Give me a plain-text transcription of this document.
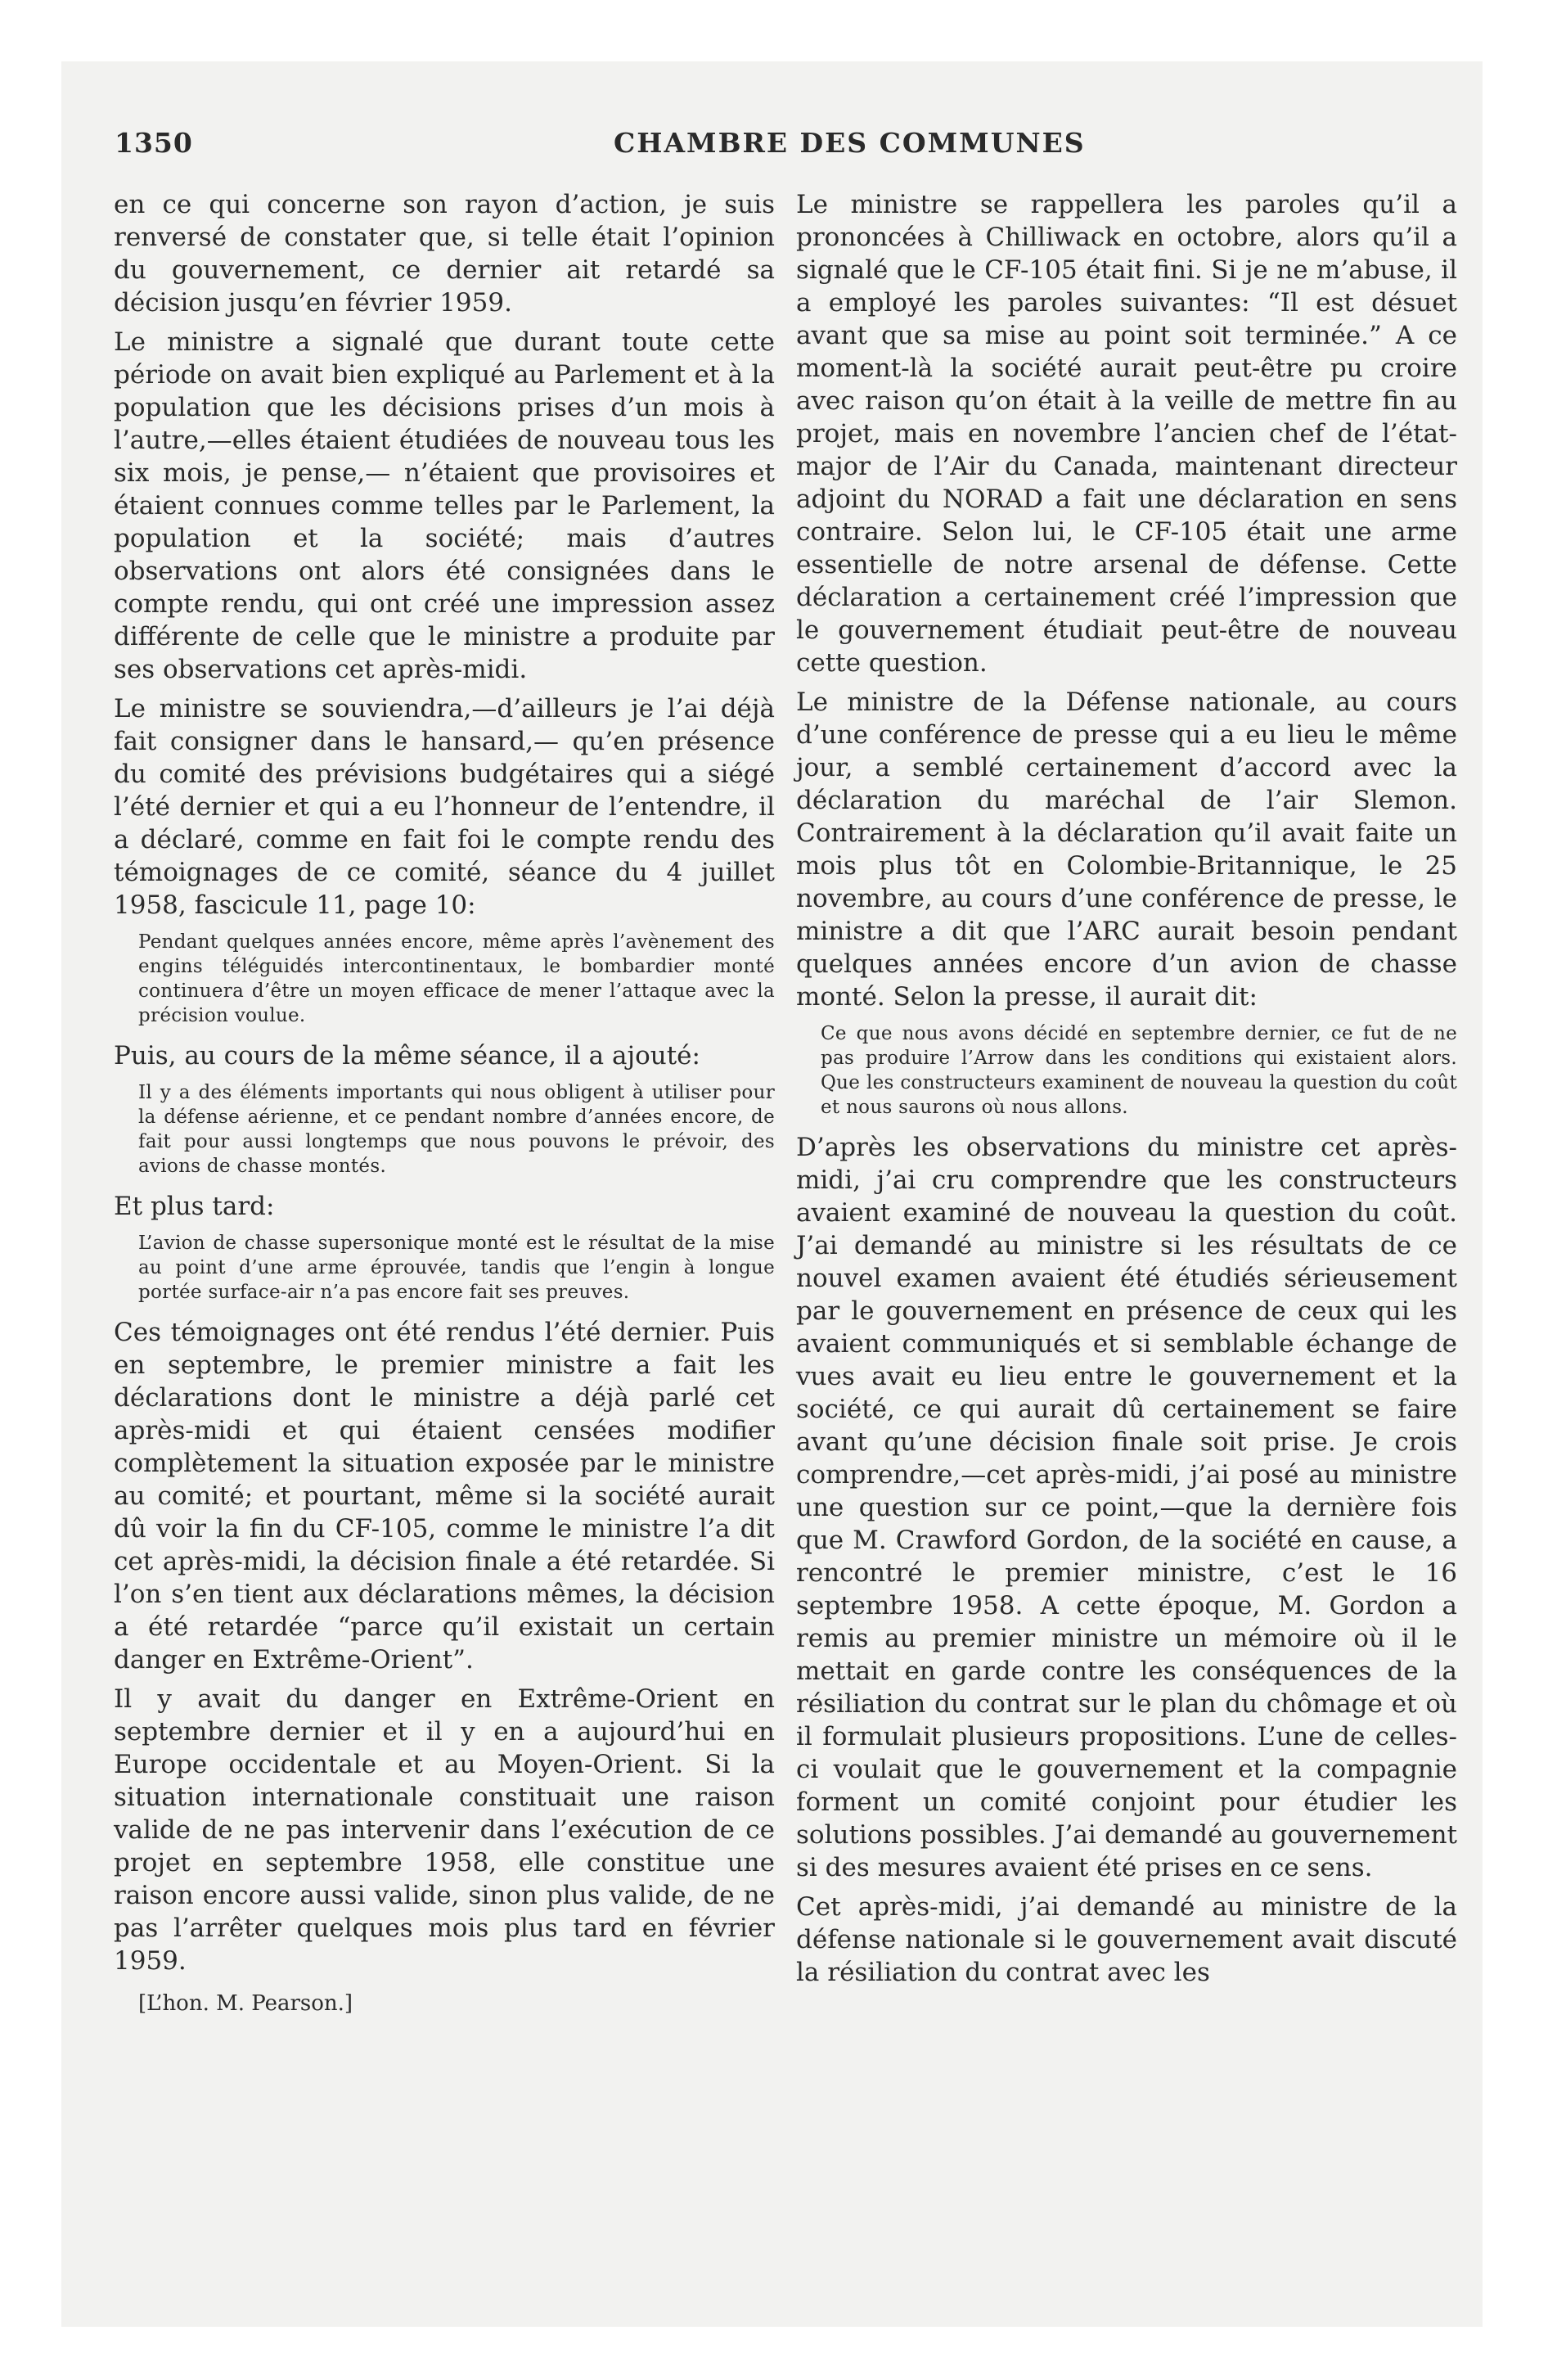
1350	CHAMBRE DES COMMUNES

en ce qui concerne son rayon d’action, je suis renversé de constater que, si telle était l’opinion du gouvernement, ce dernier ait retardé sa décision jusqu’en février 1959.

Le ministre a signalé que durant toute cette période on avait bien expliqué au Parlement et à la population que les décisions prises d’un mois à l’autre,—elles étaient étudiées de nouveau tous les six mois, je pense,— n’étaient que provisoires et étaient connues comme telles par le Parlement, la population et la société; mais d’autres observations ont alors été consignées dans le compte rendu, qui ont créé une impression assez différente de celle que le ministre a produite par ses observations cet après-midi.

Le ministre se souviendra,—d’ailleurs je l’ai déjà fait consigner dans le hansard,— qu’en présence du comité des prévisions budgétaires qui a siégé l’été dernier et qui a eu l’honneur de l’entendre, il a déclaré, comme en fait foi le compte rendu des témoignages de ce comité, séance du 4 juillet 1958, fascicule 11, page 10:

Pendant quelques années encore, même après l’avènement des engins téléguidés intercontinentaux, le bombardier monté continuera d’être un moyen efficace de mener l’attaque avec la précision voulue.

Puis, au cours de la même séance, il a ajouté:

Il y a des éléments importants qui nous obligent à utiliser pour la défense aérienne, et ce pendant nombre d’années encore, de fait pour aussi longtemps que nous pouvons le prévoir, des avions de chasse montés.

Et plus tard:

L’avion de chasse supersonique monté est le résultat de la mise au point d’une arme éprouvée, tandis que l’engin à longue portée surface-air n’a pas encore fait ses preuves.

Ces témoignages ont été rendus l’été dernier. Puis en septembre, le premier ministre a fait les déclarations dont le ministre a déjà parlé cet après-midi et qui étaient censées modifier complètement la situation exposée par le ministre au comité; et pourtant, même si la société aurait dû voir la fin du CF-105, comme le ministre l’a dit cet après-midi, la décision finale a été retardée. Si l’on s’en tient aux déclarations mêmes, la décision a été retardée “parce qu’il existait un certain danger en Extrême-Orient”.

Il y avait du danger en Extrême-Orient en septembre dernier et il y en a aujourd’hui en Europe occidentale et au Moyen-Orient. Si la situation internationale constituait une raison valide de ne pas intervenir dans l’exécution de ce projet en septembre 1958, elle constitue une raison encore aussi valide, sinon plus valide, de ne pas l’arrêter quelques mois plus tard en février 1959.

[L’hon. M. Pearson.]

Le ministre se rappellera les paroles qu’il a prononcées à Chilliwack en octobre, alors qu’il a signalé que le CF-105 était fini. Si je ne m’abuse, il a employé les paroles suivantes: “Il est désuet avant que sa mise au point soit terminée.” A ce moment-là la société aurait peut-être pu croire avec raison qu’on était à la veille de mettre fin au projet, mais en novembre l’ancien chef de l’état-major de l’Air du Canada, maintenant directeur adjoint du NORAD a fait une déclaration en sens contraire. Selon lui, le CF-105 était une arme essentielle de notre arsenal de défense. Cette déclaration a certainement créé l’impression que le gouvernement étudiait peut-être de nouveau cette question.

Le ministre de la Défense nationale, au cours d’une conférence de presse qui a eu lieu le même jour, a semblé certainement d’accord avec la déclaration du maréchal de l’air Slemon. Contrairement à la déclaration qu’il avait faite un mois plus tôt en Colombie-Britannique, le 25 novembre, au cours d’une conférence de presse, le ministre a dit que l’ARC aurait besoin pendant quelques années encore d’un avion de chasse monté. Selon la presse, il aurait dit:

Ce que nous avons décidé en septembre dernier, ce fut de ne pas produire l’Arrow dans les conditions qui existaient alors. Que les constructeurs examinent de nouveau la question du coût et nous saurons où nous allons.

D’après les observations du ministre cet après-midi, j’ai cru comprendre que les constructeurs avaient examiné de nouveau la question du coût. J’ai demandé au ministre si les résultats de ce nouvel examen avaient été étudiés sérieusement par le gouvernement en présence de ceux qui les avaient communiqués et si semblable échange de vues avait eu lieu entre le gouvernement et la société, ce qui aurait dû certainement se faire avant qu’une décision finale soit prise. Je crois comprendre,—cet après-midi, j’ai posé au ministre une question sur ce point,—que la dernière fois que M. Crawford Gordon, de la société en cause, a rencontré le premier ministre, c’est le 16 septembre 1958. A cette époque, M. Gordon a remis au premier ministre un mémoire où il le mettait en garde contre les conséquences de la résiliation du contrat sur le plan du chômage et où il formulait plusieurs propositions. L’une de celles-ci voulait que le gouvernement et la compagnie forment un comité conjoint pour étudier les solutions possibles. J’ai demandé au gouvernement si des mesures avaient été prises en ce sens.

Cet après-midi, j’ai demandé au ministre de la défense nationale si le gouvernement avait discuté la résiliation du contrat avec les
